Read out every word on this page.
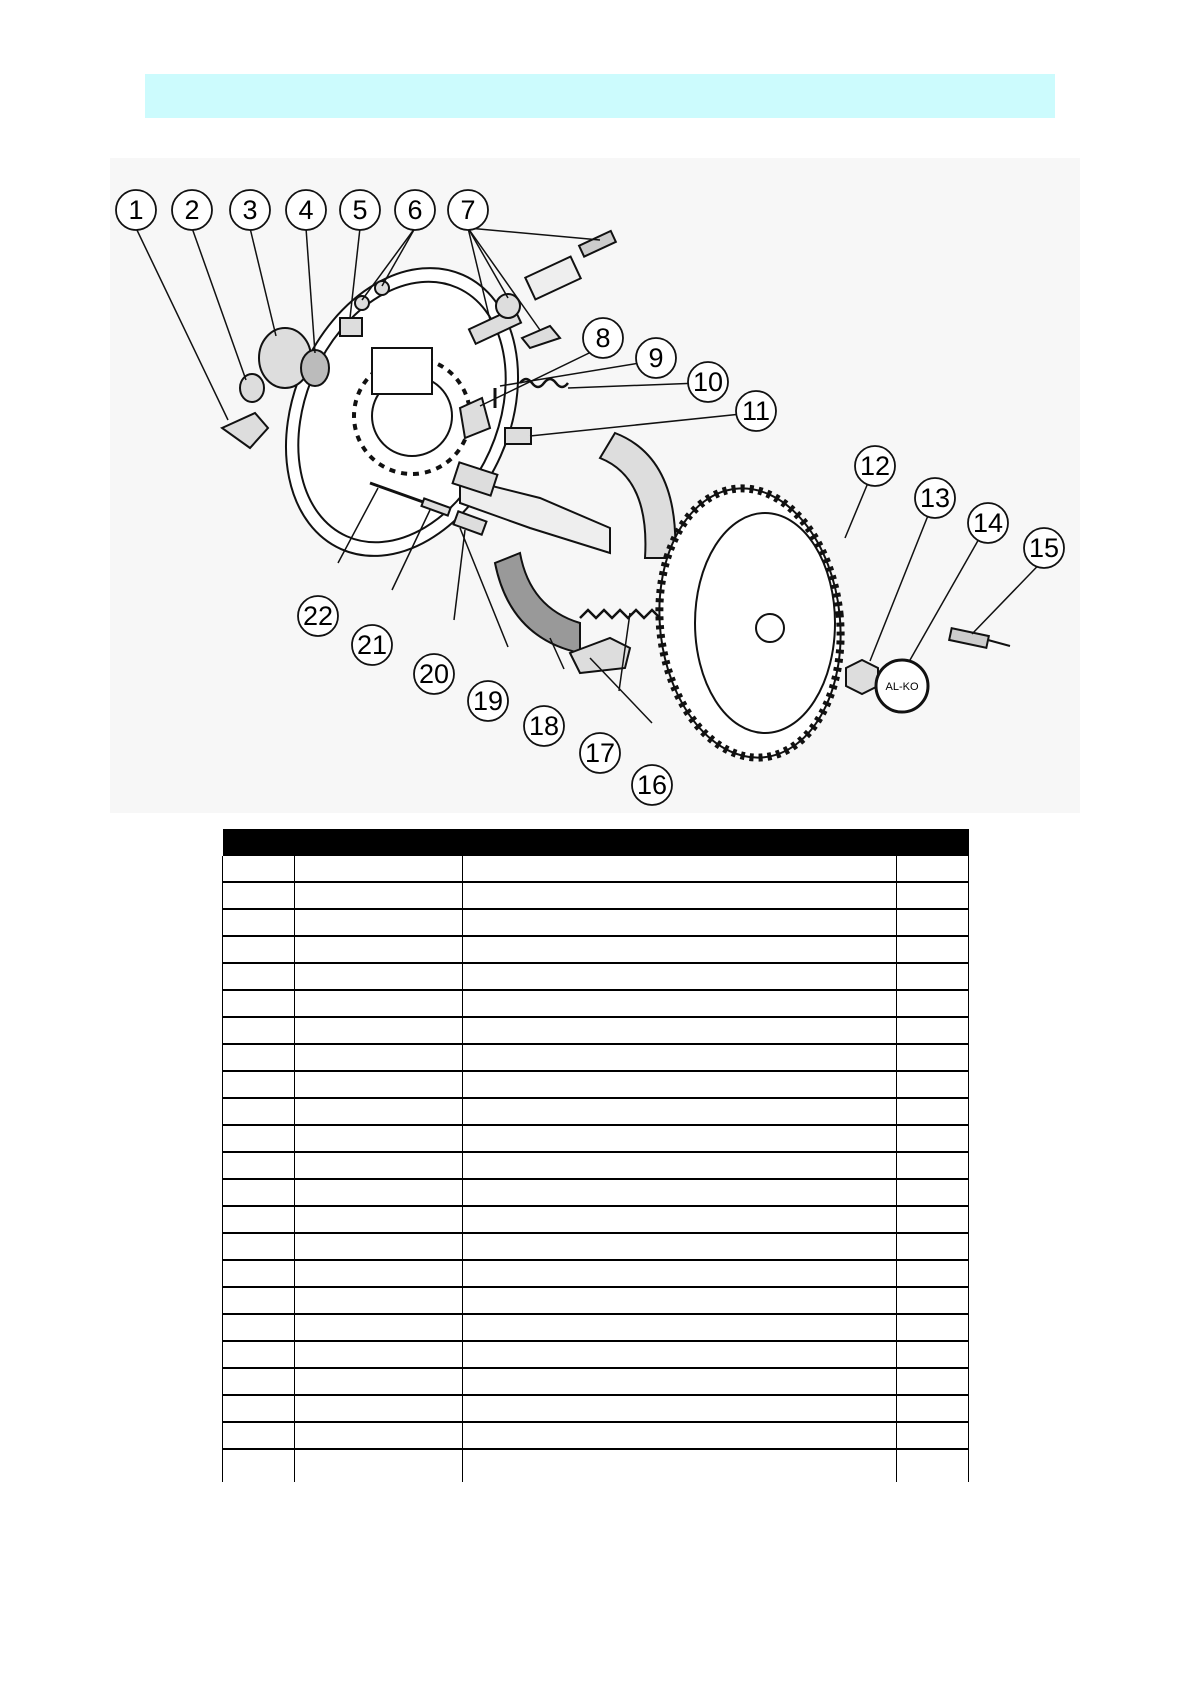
AL-KO
1 2 3 4 5 6 7
8
9
10
11
12
13
14
15
16
17
18
19
20
21
22
